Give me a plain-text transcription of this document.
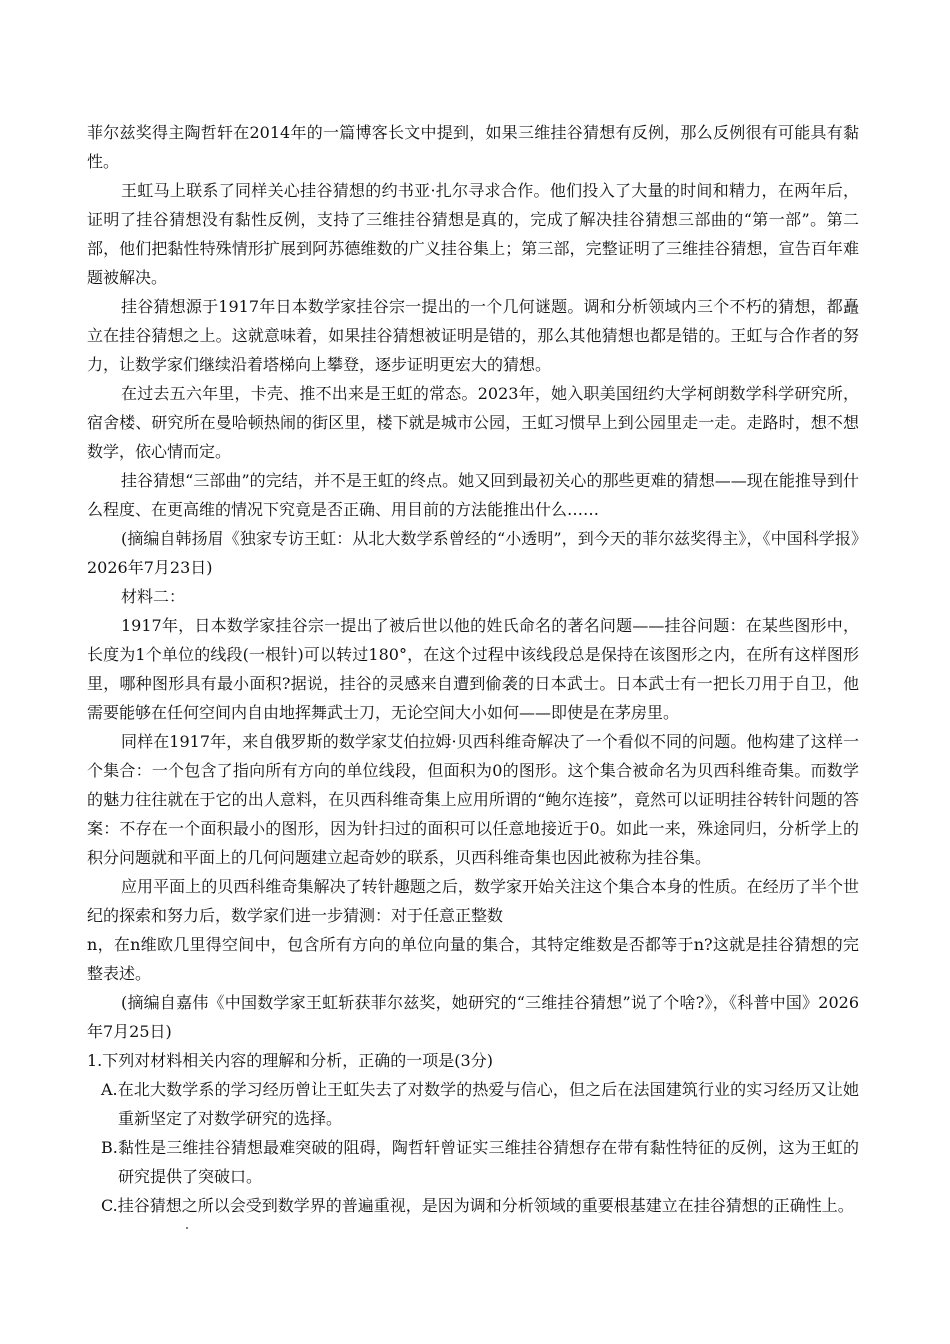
菲尔兹奖得主陶哲轩在2014年的一篇博客长文中提到，如果三维挂谷猜想有反例，那么反例很有可能具有黏性。

王虹马上联系了同样关心挂谷猜想的约书亚·扎尔寻求合作。他们投入了大量的时间和精力，在两年后，证明了挂谷猜想没有黏性反例，支持了三维挂谷猜想是真的，完成了解决挂谷猜想三部曲的“第一部”。第二部，他们把黏性特殊情形扩展到阿苏德维数的广义挂谷集上；第三部，完整证明了三维挂谷猜想，宣告百年难题被解决。

挂谷猜想源于1917年日本数学家挂谷宗一提出的一个几何谜题。调和分析领域内三个不朽的猜想，都矗立在挂谷猜想之上。这就意味着，如果挂谷猜想被证明是错的，那么其他猜想也都是错的。王虹与合作者的努力，让数学家们继续沿着塔梯向上攀登，逐步证明更宏大的猜想。

在过去五六年里，卡壳、推不出来是王虹的常态。2023年，她入职美国纽约大学柯朗数学科学研究所，宿舍楼、研究所在曼哈顿热闹的街区里，楼下就是城市公园，王虹习惯早上到公园里走一走。走路时，想不想数学，依心情而定。

挂谷猜想“三部曲”的完结，并不是王虹的终点。她又回到最初关心的那些更难的猜想——现在能推导到什么程度、在更高维的情况下究竟是否正确、用目前的方法能推出什么……

(摘编自韩扬眉《独家专访王虹：从北大数学系曾经的“小透明”，到今天的菲尔兹奖得主》，《中国科学报》2026年7月23日)

材料二：

1917年，日本数学家挂谷宗一提出了被后世以他的姓氏命名的著名问题——挂谷问题：在某些图形中，长度为1个单位的线段(一根针)可以转过180°，在这个过程中该线段总是保持在该图形之内，在所有这样图形里，哪种图形具有最小面积?据说，挂谷的灵感来自遭到偷袭的日本武士。日本武士有一把长刀用于自卫，他需要能够在任何空间内自由地挥舞武士刀，无论空间大小如何——即使是在茅房里。

同样在1917年，来自俄罗斯的数学家艾伯拉姆·贝西科维奇解决了一个看似不同的问题。他构建了这样一个集合：一个包含了指向所有方向的单位线段，但面积为0的图形。这个集合被命名为贝西科维奇集。而数学的魅力往往就在于它的出人意料，在贝西科维奇集上应用所谓的“鲍尔连接”，竟然可以证明挂谷转针问题的答案：不存在一个面积最小的图形，因为针扫过的面积可以任意地接近于0。如此一来，殊途同归，分析学上的积分问题就和平面上的几何问题建立起奇妙的联系，贝西科维奇集也因此被称为挂谷集。

应用平面上的贝西科维奇集解决了转针趣题之后，数学家开始关注这个集合本身的性质。在经历了半个世纪的探索和努力后，数学家们进一步猜测：对于任意正整数

n，在n维欧几里得空间中，包含所有方向的单位向量的集合，其特定维数是否都等于n?这就是挂谷猜想的完整表述。

(摘编自嘉伟《中国数学家王虹斩获菲尔兹奖，她研究的“三维挂谷猜想”说了个啥?》，《科普中国》2026年7月25日)

1.下列对材料相关内容的理解和分析，正确的一项是(3分)

A.在北大数学系的学习经历曾让王虹失去了对数学的热爱与信心，但之后在法国建筑行业的实习经历又让她重新坚定了对数学研究的选择。
B.黏性是三维挂谷猜想最难突破的阻碍，陶哲轩曾证实三维挂谷猜想存在带有黏性特征的反例，这为王虹的研究提供了突破口。
C.挂谷猜想之所以会受到数学界的普遍重视，是因为调和分析领域的重要根基建立在挂谷猜想的正确性上。
